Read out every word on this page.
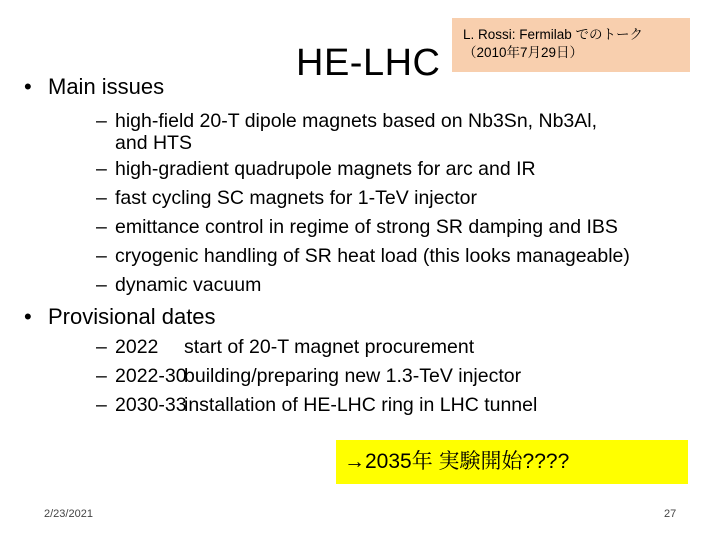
HE-LHC
L. Rossi: Fermilab でのトーク
（2010年7月29日）
• Main issues
– high-field 20-T dipole magnets based on Nb3Sn, Nb3Al,
and HTS
– high-gradient quadrupole magnets for arc and IR
– fast cycling SC magnets for 1-TeV injector
– emittance control in regime of strong SR damping and IBS
– cryogenic handling of SR heat load (this looks manageable)
– dynamic vacuum
• Provisional dates
– 2022	start of 20-T magnet procurement
– 2022-30
building/preparing new 1.3-TeV injector
– 2030-33
installation of HE-LHC ring in LHC tunnel
→2035年 実験開始????
2/23/2021	27
